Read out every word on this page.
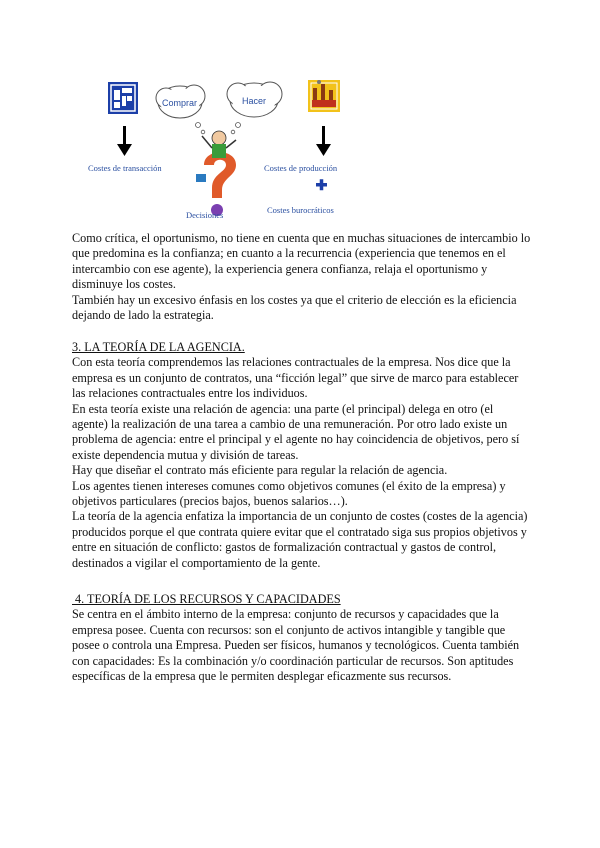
Costes de transacción
Comprar	Hacer
Decisiones
Costes de producción
Costes burocráticos

Como crítica, el oportunismo, no tiene en cuenta que en muchas situaciones de intercambio lo que predomina es la confianza; en cuanto a la recurrencia (experiencia que tenemos en el intercambio con ese agente), la experiencia genera confianza, relaja el oportunismo y disminuye los costes.

También hay un excesivo énfasis en los costes ya que el criterio de elección es la eficiencia dejando de lado la estrategia.

3. LA TEORÍA DE LA AGENCIA.

Con esta teoría comprendemos las relaciones contractuales de la empresa. Nos dice que la empresa es un conjunto de contratos, una “ficción legal” que sirve de marco para establecer las relaciones contractuales entre los individuos.

En esta teoría existe una relación de agencia: una parte (el principal) delega en otro (el agente) la realización de una tarea a cambio de una remuneración. Por otro lado existe un problema de agencia: entre el principal y el agente no hay coincidencia de objetivos, pero sí existe dependencia mutua y división de tareas.

Hay que diseñar el contrato más eficiente para regular la relación de agencia.

Los agentes tienen intereses comunes como objetivos comunes (el éxito de la empresa) y objetivos particulares (precios bajos, buenos salarios…).

La teoría de la agencia enfatiza la importancia de un conjunto de costes (costes de la agencia) producidos porque el que contrata quiere evitar que el contratado siga sus propios objetivos y entre en situación de conflicto: gastos de formalización contractual y gastos de control, destinados a vigilar el comportamiento de la gente.

4. TEORÍA DE LOS RECURSOS Y CAPACIDADES

Se centra en el ámbito interno de la empresa: conjunto de recursos y capacidades que la empresa posee. Cuenta con recursos: son el conjunto de activos intangible y tangible que posee o controla una Empresa. Pueden ser físicos, humanos y tecnológicos. Cuenta también con capacidades: Es la combinación y/o coordinación particular de recursos. Son aptitudes específicas de la empresa que le permiten desplegar eficazmente sus recursos.
